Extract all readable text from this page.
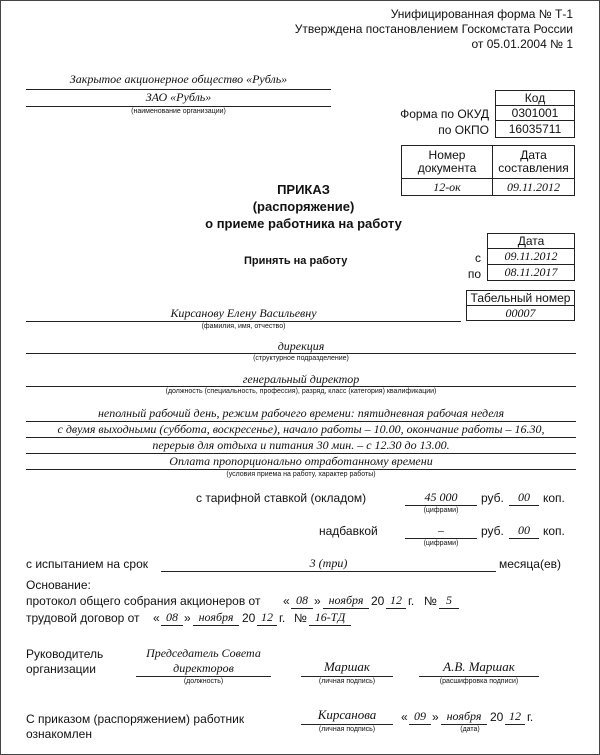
Унифицированная форма № Т-1
Утверждена постановлением Госкомстата России
от 05.01.2004 № 1
Закрытое акционерное общество «Рубль»
ЗАО «Рубль»
(наименование организации)
Код
Форма по ОКУД	0301001
по ОКПО	16035711
Номер документа
Дата составления
12-ок	09.11.2012
ПРИКАЗ
(распоряжение)
о приеме работника на работу
Принять на работу
Дата
с	09.11.2012
по	08.11.2017
Табельный номер
00007
Кирсанову Елену Васильевну
(фамилия, имя, отчество)
дирекция
(структурное подразделение)
генеральный директор
(должность (специальность, профессия), разряд, класс (категория) квалификации)
неполный рабочий день, режим рабочего времени: пятидневная рабочая неделя
с двумя выходными (суббота, воскресенье), начало работы – 10.00, окончание работы – 16.30,
перерыв для отдыха и питания 30 мин. – с 12.30 до 13.00.
Оплата пропорционально отработанному времени
(условия приема на работу, характер работы)
с тарифной ставкой (окладом)	45 000	руб.	00	коп.
(цифрами)
надбавкой	–	руб.	00	коп.
(цифрами)
с испытанием на срок	3 (три)	месяца(ев)
Основание:
протокол общего собрания акционеров от « 08 » ноября 20 12 г. № 5
трудовой договор от « 08 » ноября 20 12 г. № 16-ТД
Руководитель
организации
Председатель Совета
директоров
(должность)
Маршак
(личная подпись)
А.В. Маршак
(расшифровка подписи)
С приказом (распоряжением) работник
ознакомлен
Кирсанова
(личная подпись)
« 09 » ноября 20 12 г.
(дата)
